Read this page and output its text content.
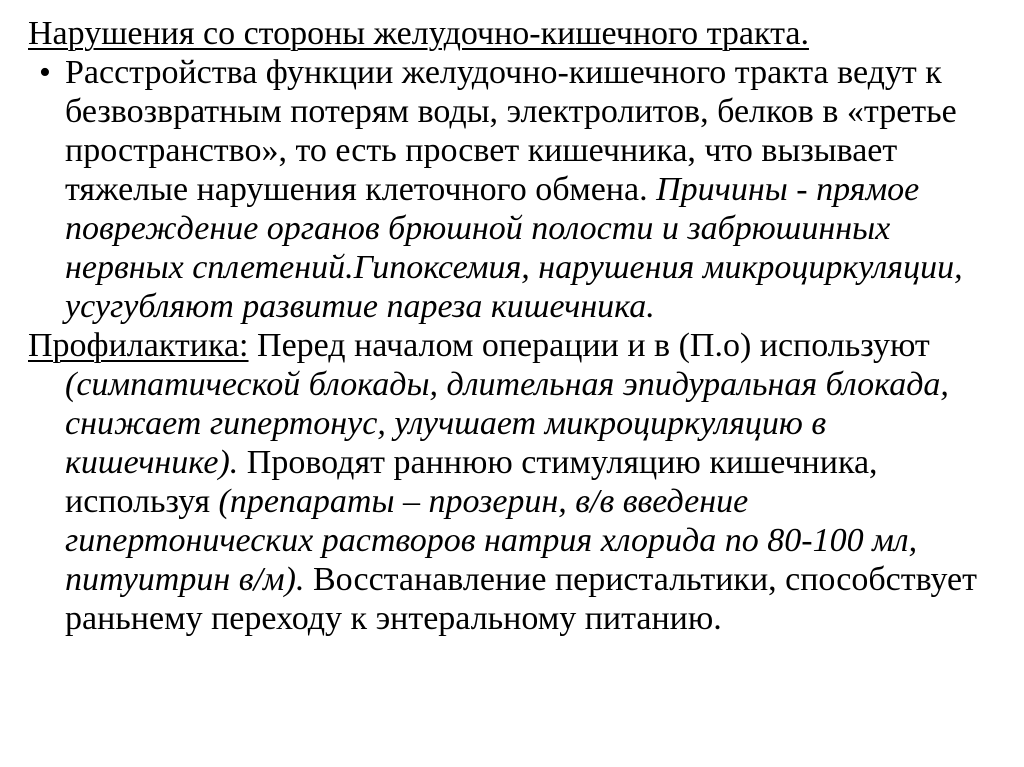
Нарушения со стороны желудочно-кишечного тракта.
• Расстройства функции желудочно-кишечного тракта ведут к безвозвратным потерям воды, электролитов, белков в «третье пространство», то есть просвет кишечника, что вызывает тяжелые нарушения клеточного обмена. Причины - прямое повреждение органов брюшной полости и забрюшинных нервных сплетений.Гипоксемия, нарушения микроциркуляции, усугубляют развитие пареза кишечника.
Профилактика: Перед началом операции и в (П.о) используют (симпатической блокады, длительная эпидуральная блокада, снижает гипертонус, улучшает микроциркуляцию в кишечнике). Проводят раннюю стимуляцию кишечника, используя (препараты – прозерин, в/в введение гипертонических растворов натрия хлорида по 80-100 мл, питуитрин в/м). Восстанавление перистальтики, способствует раньнему переходу к энтеральному питанию.
